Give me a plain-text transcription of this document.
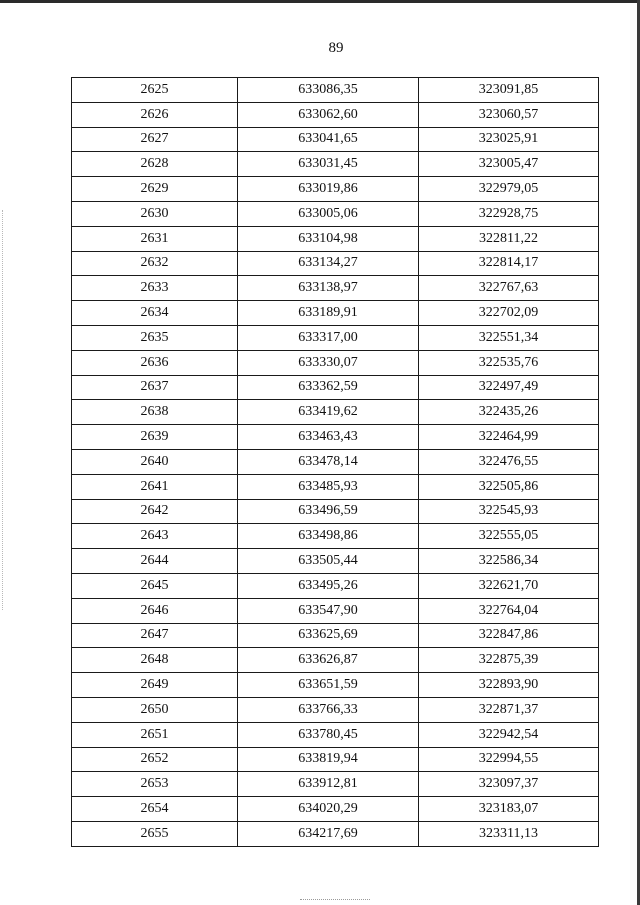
89
2625	633086,35	323091,85
2626	633062,60	323060,57
2627	633041,65	323025,91
2628	633031,45	323005,47
2629	633019,86	322979,05
2630	633005,06	322928,75
2631	633104,98	322811,22
2632	633134,27	322814,17
2633	633138,97	322767,63
2634	633189,91	322702,09
2635	633317,00	322551,34
2636	633330,07	322535,76
2637	633362,59	322497,49
2638	633419,62	322435,26
2639	633463,43	322464,99
2640	633478,14	322476,55
2641	633485,93	322505,86
2642	633496,59	322545,93
2643	633498,86	322555,05
2644	633505,44	322586,34
2645	633495,26	322621,70
2646	633547,90	322764,04
2647	633625,69	322847,86
2648	633626,87	322875,39
2649	633651,59	322893,90
2650	633766,33	322871,37
2651	633780,45	322942,54
2652	633819,94	322994,55
2653	633912,81	323097,37
2654	634020,29	323183,07
2655	634217,69	323311,13
